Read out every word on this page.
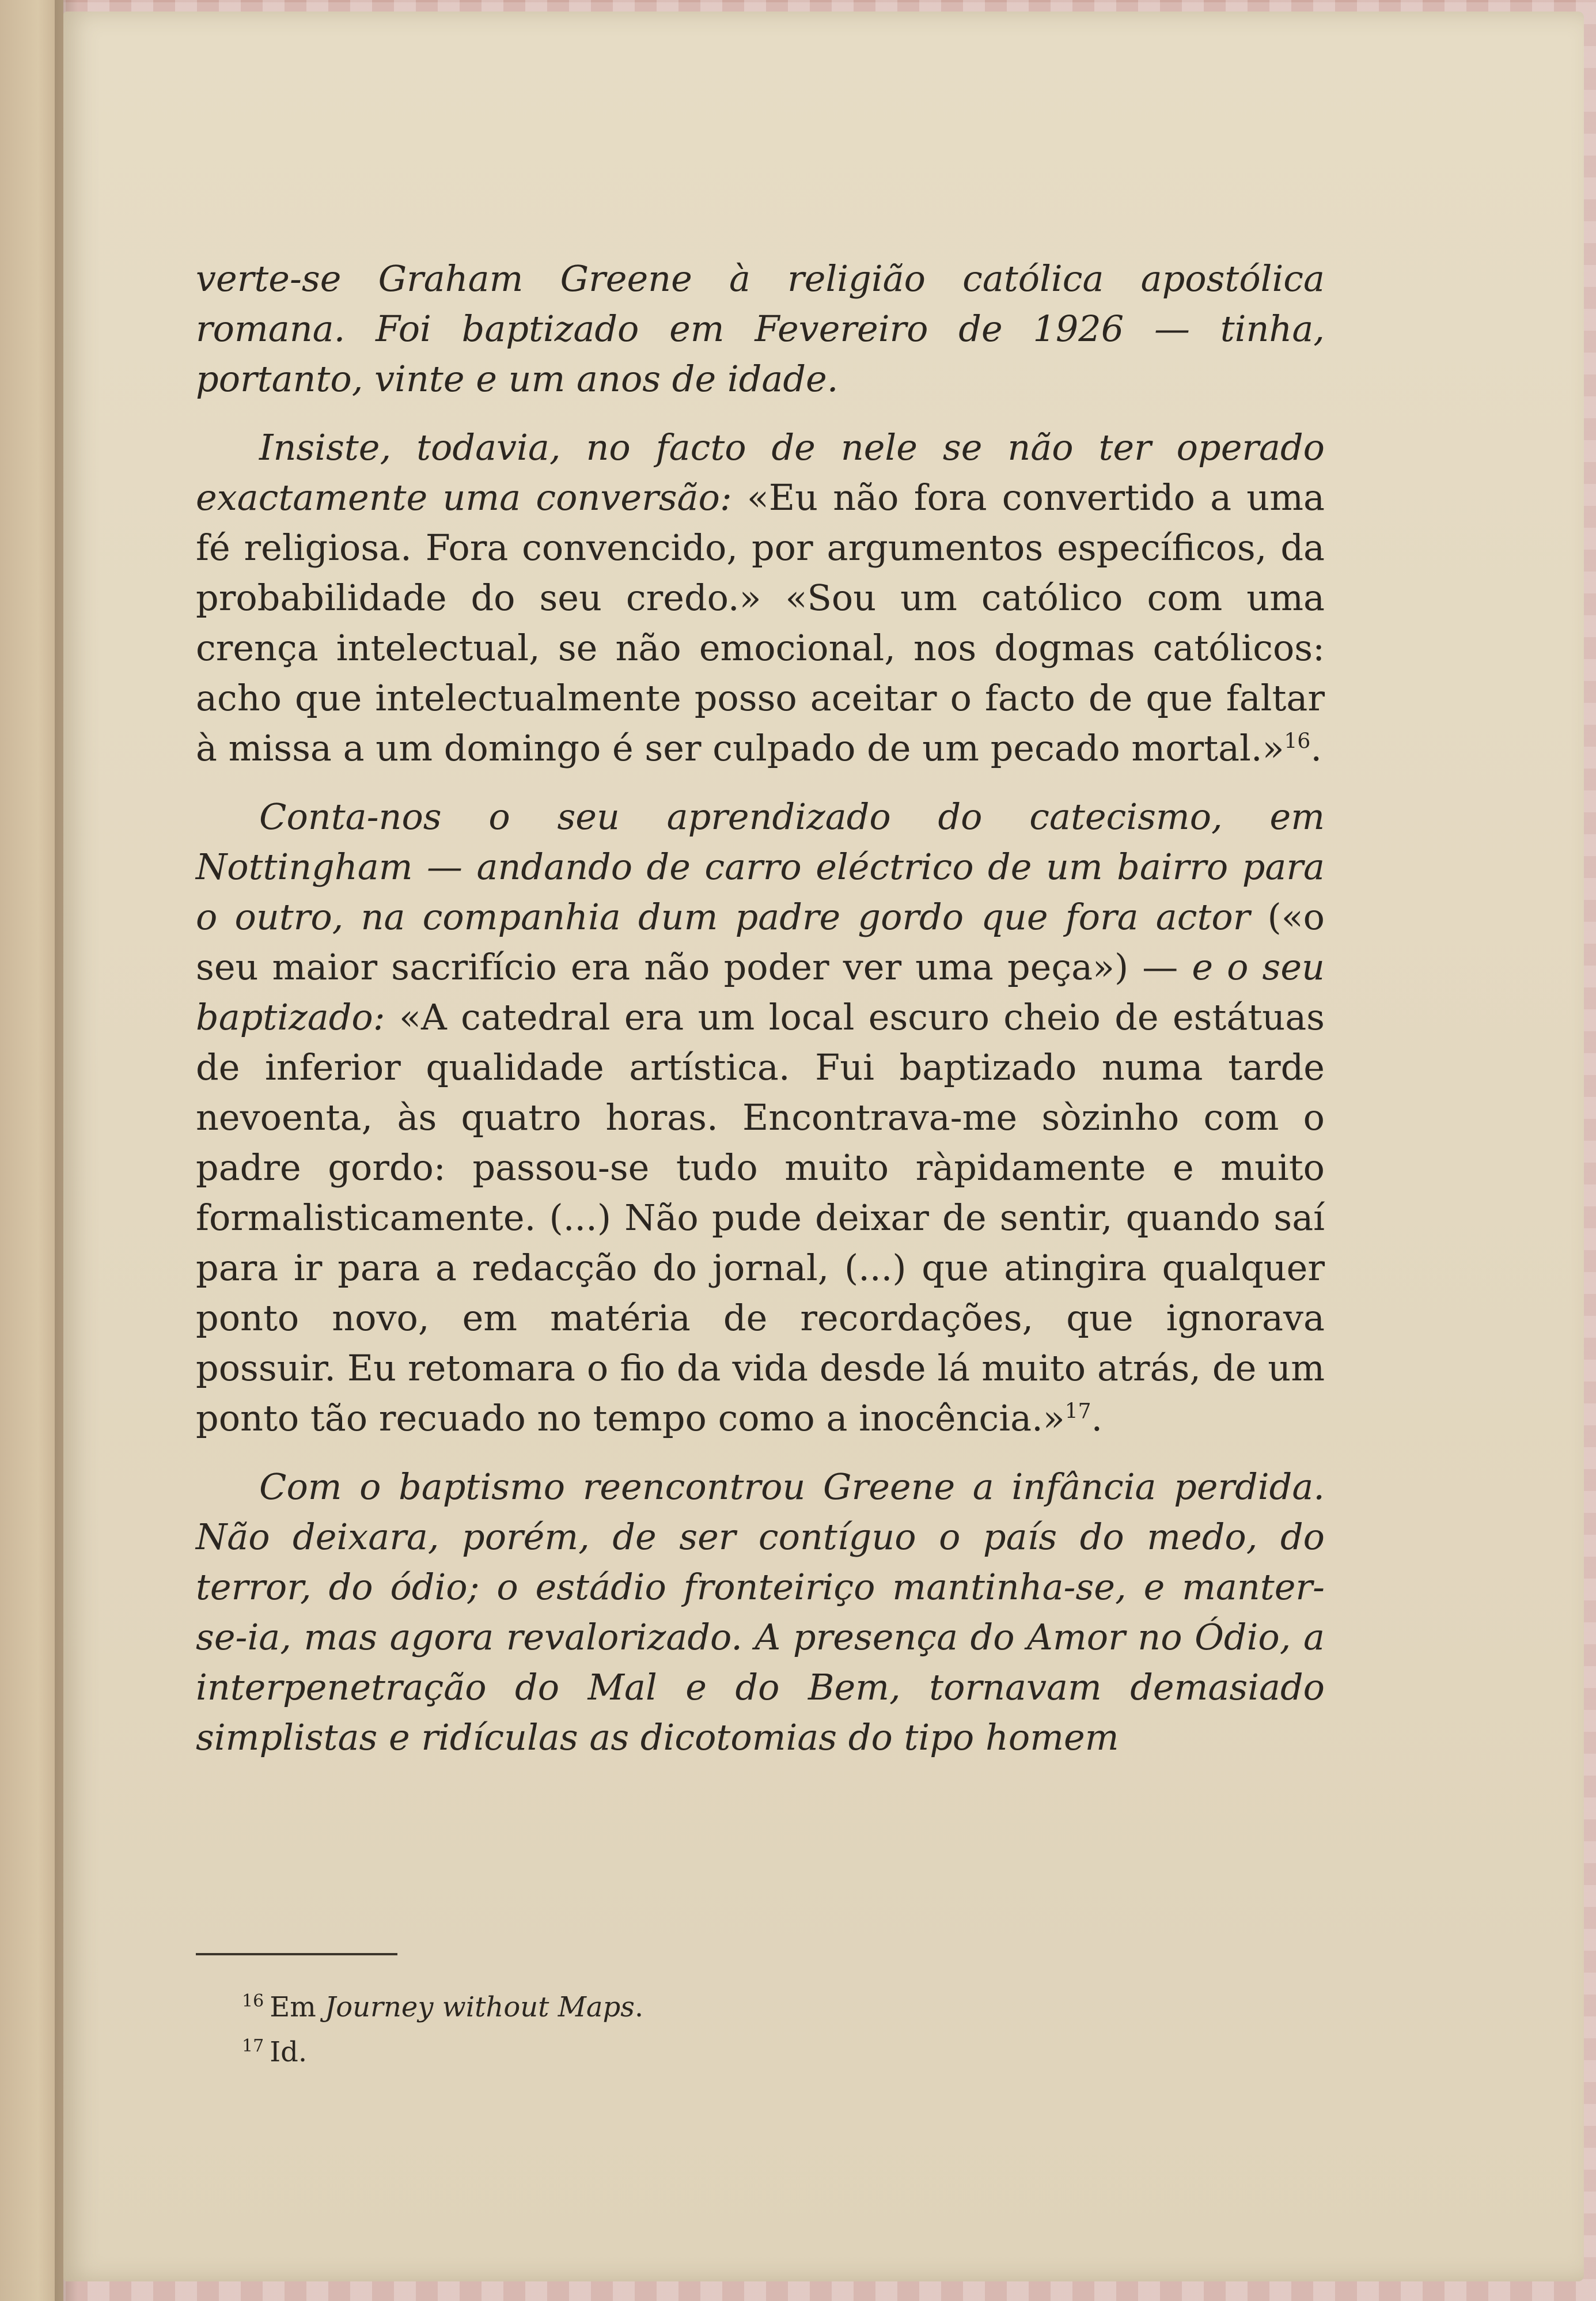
verte-se Graham Greene à religião católica apostólica romana. Foi baptizado em Fevereiro de 1926 — tinha, portanto, vinte e um anos de idade.

Insiste, todavia, no facto de nele se não ter operado exactamente uma conversão: «Eu não fora convertido a uma fé religiosa. Fora convencido, por argumentos específicos, da probabilidade do seu credo.» «Sou um católico com uma crença intelectual, se não emocional, nos dogmas católicos: acho que intelectualmente posso aceitar o facto de que faltar à missa a um domingo é ser culpado de um pecado mortal.»$^{16}$.

Conta-nos o seu aprendizado do catecismo, em Nottingham — andando de carro eléctrico de um bairro para o outro, na companhia dum padre gordo que fora actor («o seu maior sacrifício era não poder ver uma peça») — e o seu baptizado: «A catedral era um local escuro cheio de estátuas de inferior qualidade artística. Fui baptizado numa tarde nevoenta, às quatro horas. Encontrava-me sòzinho com o padre gordo: passou-se tudo muito ràpidamente e muito formalisticamente. (...) Não pude deixar de sentir, quando saí para ir para a redacção do jornal, (...) que atingira qualquer ponto novo, em matéria de recordações, que ignorava possuir. Eu retomara o fio da vida desde lá muito atrás, de um ponto tão recuado no tempo como a inocência.»$^{17}$.

Com o baptismo reencontrou Greene a infância perdida. Não deixara, porém, de ser contíguo o país do medo, do terror, do ódio; o estádio fronteiriço mantinha-se, e manter-se-ia, mas agora revalorizado. A presença do Amor no Ódio, a interpenetração do Mal e do Bem, tornavam demasiado simplistas e ridículas as dicotomias do tipo homem

$^{16}$ Em Journey without Maps.
$^{17}$ Id.
